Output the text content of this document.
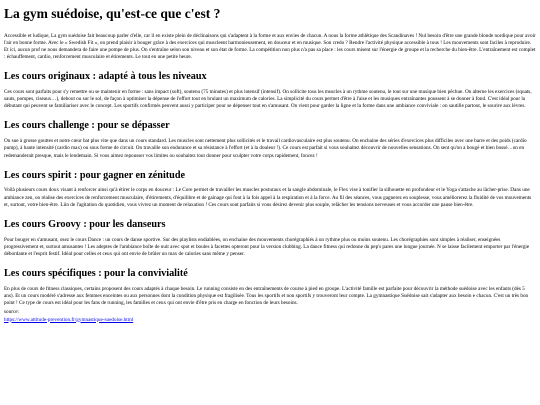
La gym suédoise, qu'est-ce que c'est ?

Accessible et ludique, La gym suédoise fait beaucoup parler d'elle, car il en existe plein de déclinaisons qui s'adaptent à la forme et aux envies de chacun. A nous la forme athlétique des Scandinaves ! Nul besoin d'être une grande blonde nordique pour avoir l'air en bonne forme. Avec le « Swedish Fit », on prend plaisir à bouger grâce à des exercices qui muscleent harmonieusement, en douceur et en musique. Son credo ? Rendre l'activité physique accessible à tous ! Les mouvements sont faciles à reproduire. Et ici, aucun prof ne nous demandera de faire une pompe de plus. On s'entraîne selon son niveau et son état de forme. La compétition non plus n'a pas sa place : les cours misent sur l'énergie de groupe et la recherche du bien-être. L'entraînement est complet : échauffement, cardio, renforcement musculaire et étirements. Le tout en une petite heure.

Les cours originaux : adapté à tous les niveaux

Ces cours sont parfaits pour s'y remettre ou se maintenir en forme : sans impact (soft), soutenu (75 minutes) et plus intensif (intensif). On sollicite tous les muscles à un rythme soutenu, le tout sur une musique bien pêchue. On alterne les exercices (squats, sauts, pompes, ciseaux…), debout ou sur le sol, de façon à optimiser la dépense de l'effort tout en brulant un maximum de calories. La simplicité du cours permet d'être à l'aise et les musiques entraînantes poussent à se donner à fond. C'est idéal pour la débutant qui peuvent se familiariser avec le concept. Les sportifs confirmés peuvent aussi y participer pour se dépenser tout en s'amusant. On vient pour garder la ligne et la forme dans une ambiance conviviale : on sautille partout, le sourire aux lèvres.

Les cours challenge : pour se dépasser

On sue à grosse gouttes et notre cœur bat plus vite que dans un cours standard. Les muscles sont nettement plus sollicités et le travail cardiovasculaire est plus soutenu. On enchaine des séries d'exercices plus difficiles avec une barre et des poids (cardio pump), à haute intensité (cardio max) ou sous forme de circuit. On travaille son endurance et sa résistance à l'effort (et à la douleur !). Ce cours est parfait si vous souhaitez découvrir de nouvelles sensations. On sent qu'on a bougé et bien bossé…on en redemanderait presque, mais le lendemain. Si vous aimez repousser vos limites ou souhaitez tout donner pour sculpter votre corps rapidement, foncez !

Les cours spirit : pour gagner en zénitude

Voilà plusieurs cours doux visant à renforcer ainsi qu'à étirer le corps en douceur : Le Core permet de travailler les muscles posturaux et la sangle abdominale, le Flex vise à tonifier la silhouette en profondeur et le Yoga s'attache au lâcher-prise. Dans une ambiance zen, on réalise des exercices de renforcement musculaire, d'étirements, d'équilibre et de gainage qui font à la fois appel à la respiration et à la force. Au fil des séances, vous gagnerez en souplesse, vous améliorerez la fluidité de vos mouvements et, surtout, votre bien-être. Liin de l'agitation du quotidien, vous vivrez un moment de relaxation ! Ces cours sont parfaits si vous désirez devenir plus souple, relâcher les tensions nerveuses et vous accorder une pause bien-être.

Les cours Groovy : pour les danseurs

Pour bouger en s'amusant, osez le cours Dance : un cours de danse sportive. Sur des playlists endiablées, on enchaine des mouvements chorégraphiés à un rythme plus ou moins soutenu. Les chorégraphies sont simples à réaliser, enseignées progressivement et, surtout amusantes ! Les adeptes de l'ambiance boîte de nuit avec spot et boules à facettes opteront pour la version clubbing. La dance fitness qui redonne du pep's pares une longue journée. N se laisse facilement emporter par l'énergie débordante et l'esprit festif. Idéal pour celles et ceux qui ont envie de brûler un max de calories sans même y penser.

Les cours spécifiques : pour la convivialité

En plus de cours de fitness classiques, certains proposent des cours adaptés à chaque besoin. Le running consiste en des entraînements de course à pied en groupe. L'activité famille est parfaite pour découvrir la méthode suédoise avec les enfants (dès 5 ans). Et un cours modéré s'adresse aux femmes enceintes ou aux personnes dont la condition physique est fragilisée. Tous les sportifs et non sportifs y trouveront leur compte. La gymnastique Suédoise sait s'adapter aux besoin e chacun. C'est un très bon point ! Ce type de cours est idéal pour les fans de running, les familles et ceux qui ont envie d'être pris en charge en fonction de leurs besoins.

source:
https://www.attitude-prevention.fr/gymnastique-suedoise.html
